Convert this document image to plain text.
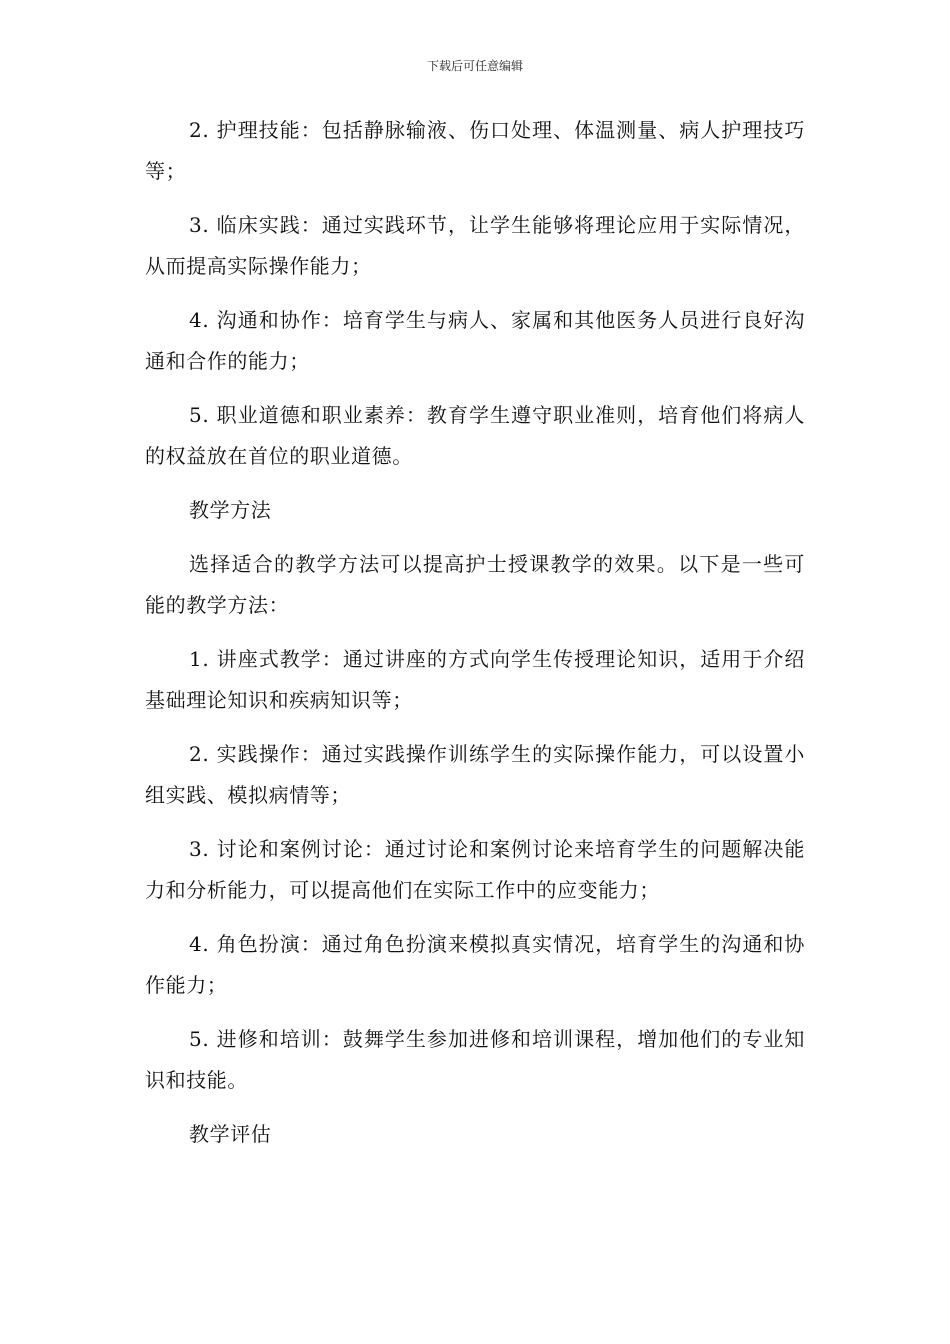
下载后可任意编辑

2. 护理技能：包括静脉输液、伤口处理、体温测量、病人护理技巧等；

3. 临床实践：通过实践环节，让学生能够将理论应用于实际情况，从而提高实际操作能力；

4. 沟通和协作：培育学生与病人、家属和其他医务人员进行良好沟通和合作的能力；

5. 职业道德和职业素养：教育学生遵守职业准则，培育他们将病人的权益放在首位的职业道德。

教学方法

选择适合的教学方法可以提高护士授课教学的效果。以下是一些可能的教学方法：

1. 讲座式教学：通过讲座的方式向学生传授理论知识，适用于介绍基础理论知识和疾病知识等；

2. 实践操作：通过实践操作训练学生的实际操作能力，可以设置小组实践、模拟病情等；

3. 讨论和案例讨论：通过讨论和案例讨论来培育学生的问题解决能力和分析能力，可以提高他们在实际工作中的应变能力；

4. 角色扮演：通过角色扮演来模拟真实情况，培育学生的沟通和协作能力；

5. 进修和培训：鼓舞学生参加进修和培训课程，增加他们的专业知识和技能。

教学评估
